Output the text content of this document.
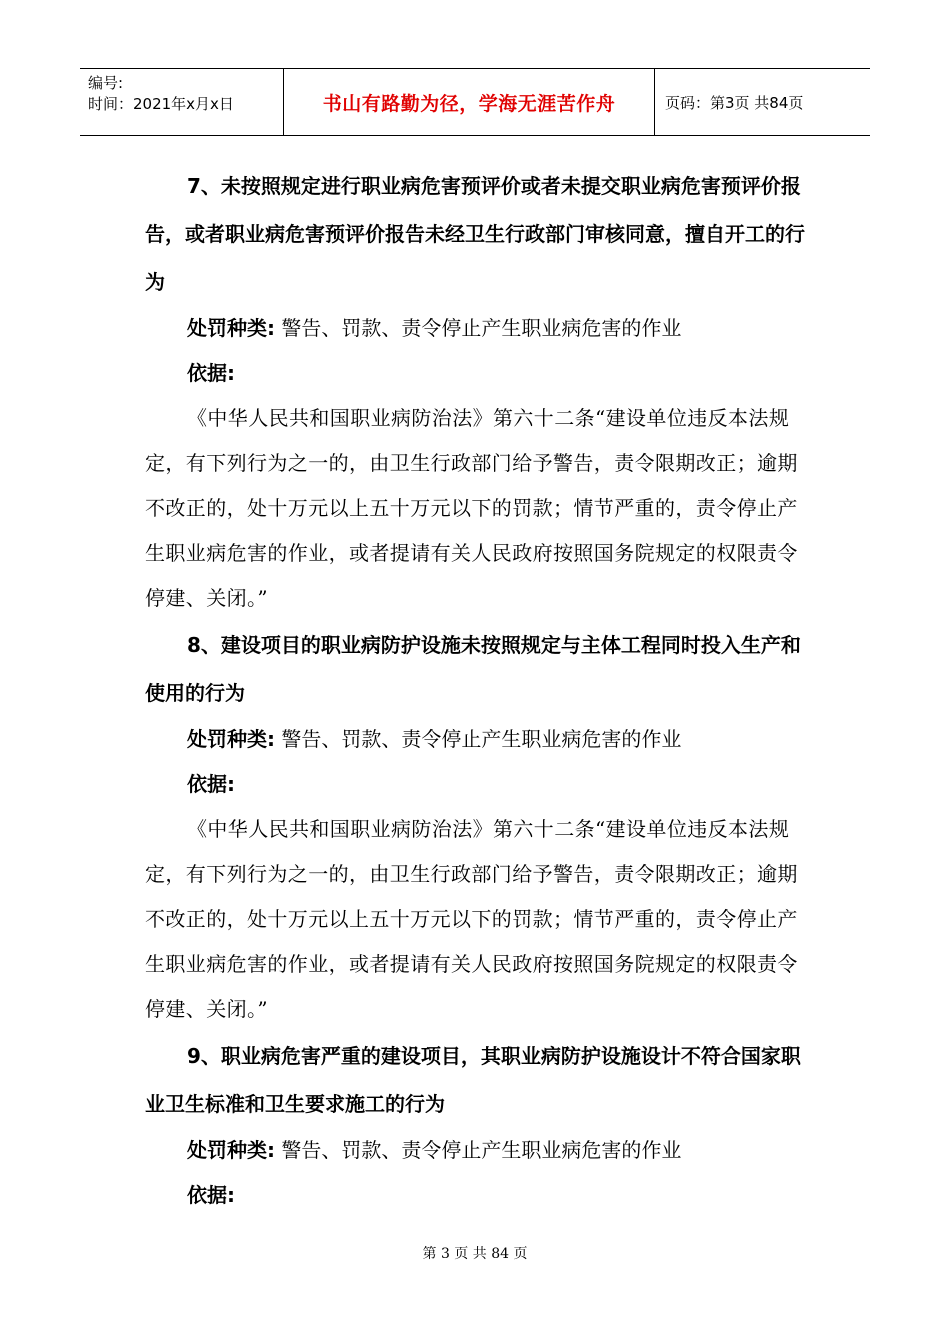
编号:
时间：2021年x月x日	书山有路勤为径，学海无涯苦作舟	页码：第3页 共84页

7、未按照规定进行职业病危害预评价或者未提交职业病危害预评价报告，或者职业病危害预评价报告未经卫生行政部门审核同意，擅自开工的行为

处罚种类: 警告、罚款、责令停止产生职业病危害的作业

依据:

《中华人民共和国职业病防治法》第六十二条“建设单位违反本法规定，有下列行为之一的，由卫生行政部门给予警告，责令限期改正；逾期不改正的，处十万元以上五十万元以下的罚款；情节严重的，责令停止产生职业病危害的作业，或者提请有关人民政府按照国务院规定的权限责令停建、关闭。”

8、建设项目的职业病防护设施未按照规定与主体工程同时投入生产和使用的行为

处罚种类: 警告、罚款、责令停止产生职业病危害的作业

依据:

《中华人民共和国职业病防治法》第六十二条“建设单位违反本法规定，有下列行为之一的，由卫生行政部门给予警告，责令限期改正；逾期不改正的，处十万元以上五十万元以下的罚款；情节严重的，责令停止产生职业病危害的作业，或者提请有关人民政府按照国务院规定的权限责令停建、关闭。”

9、职业病危害严重的建设项目，其职业病防护设施设计不符合国家职业卫生标准和卫生要求施工的行为

处罚种类: 警告、罚款、责令停止产生职业病危害的作业

依据:

第 3 页 共 84 页
